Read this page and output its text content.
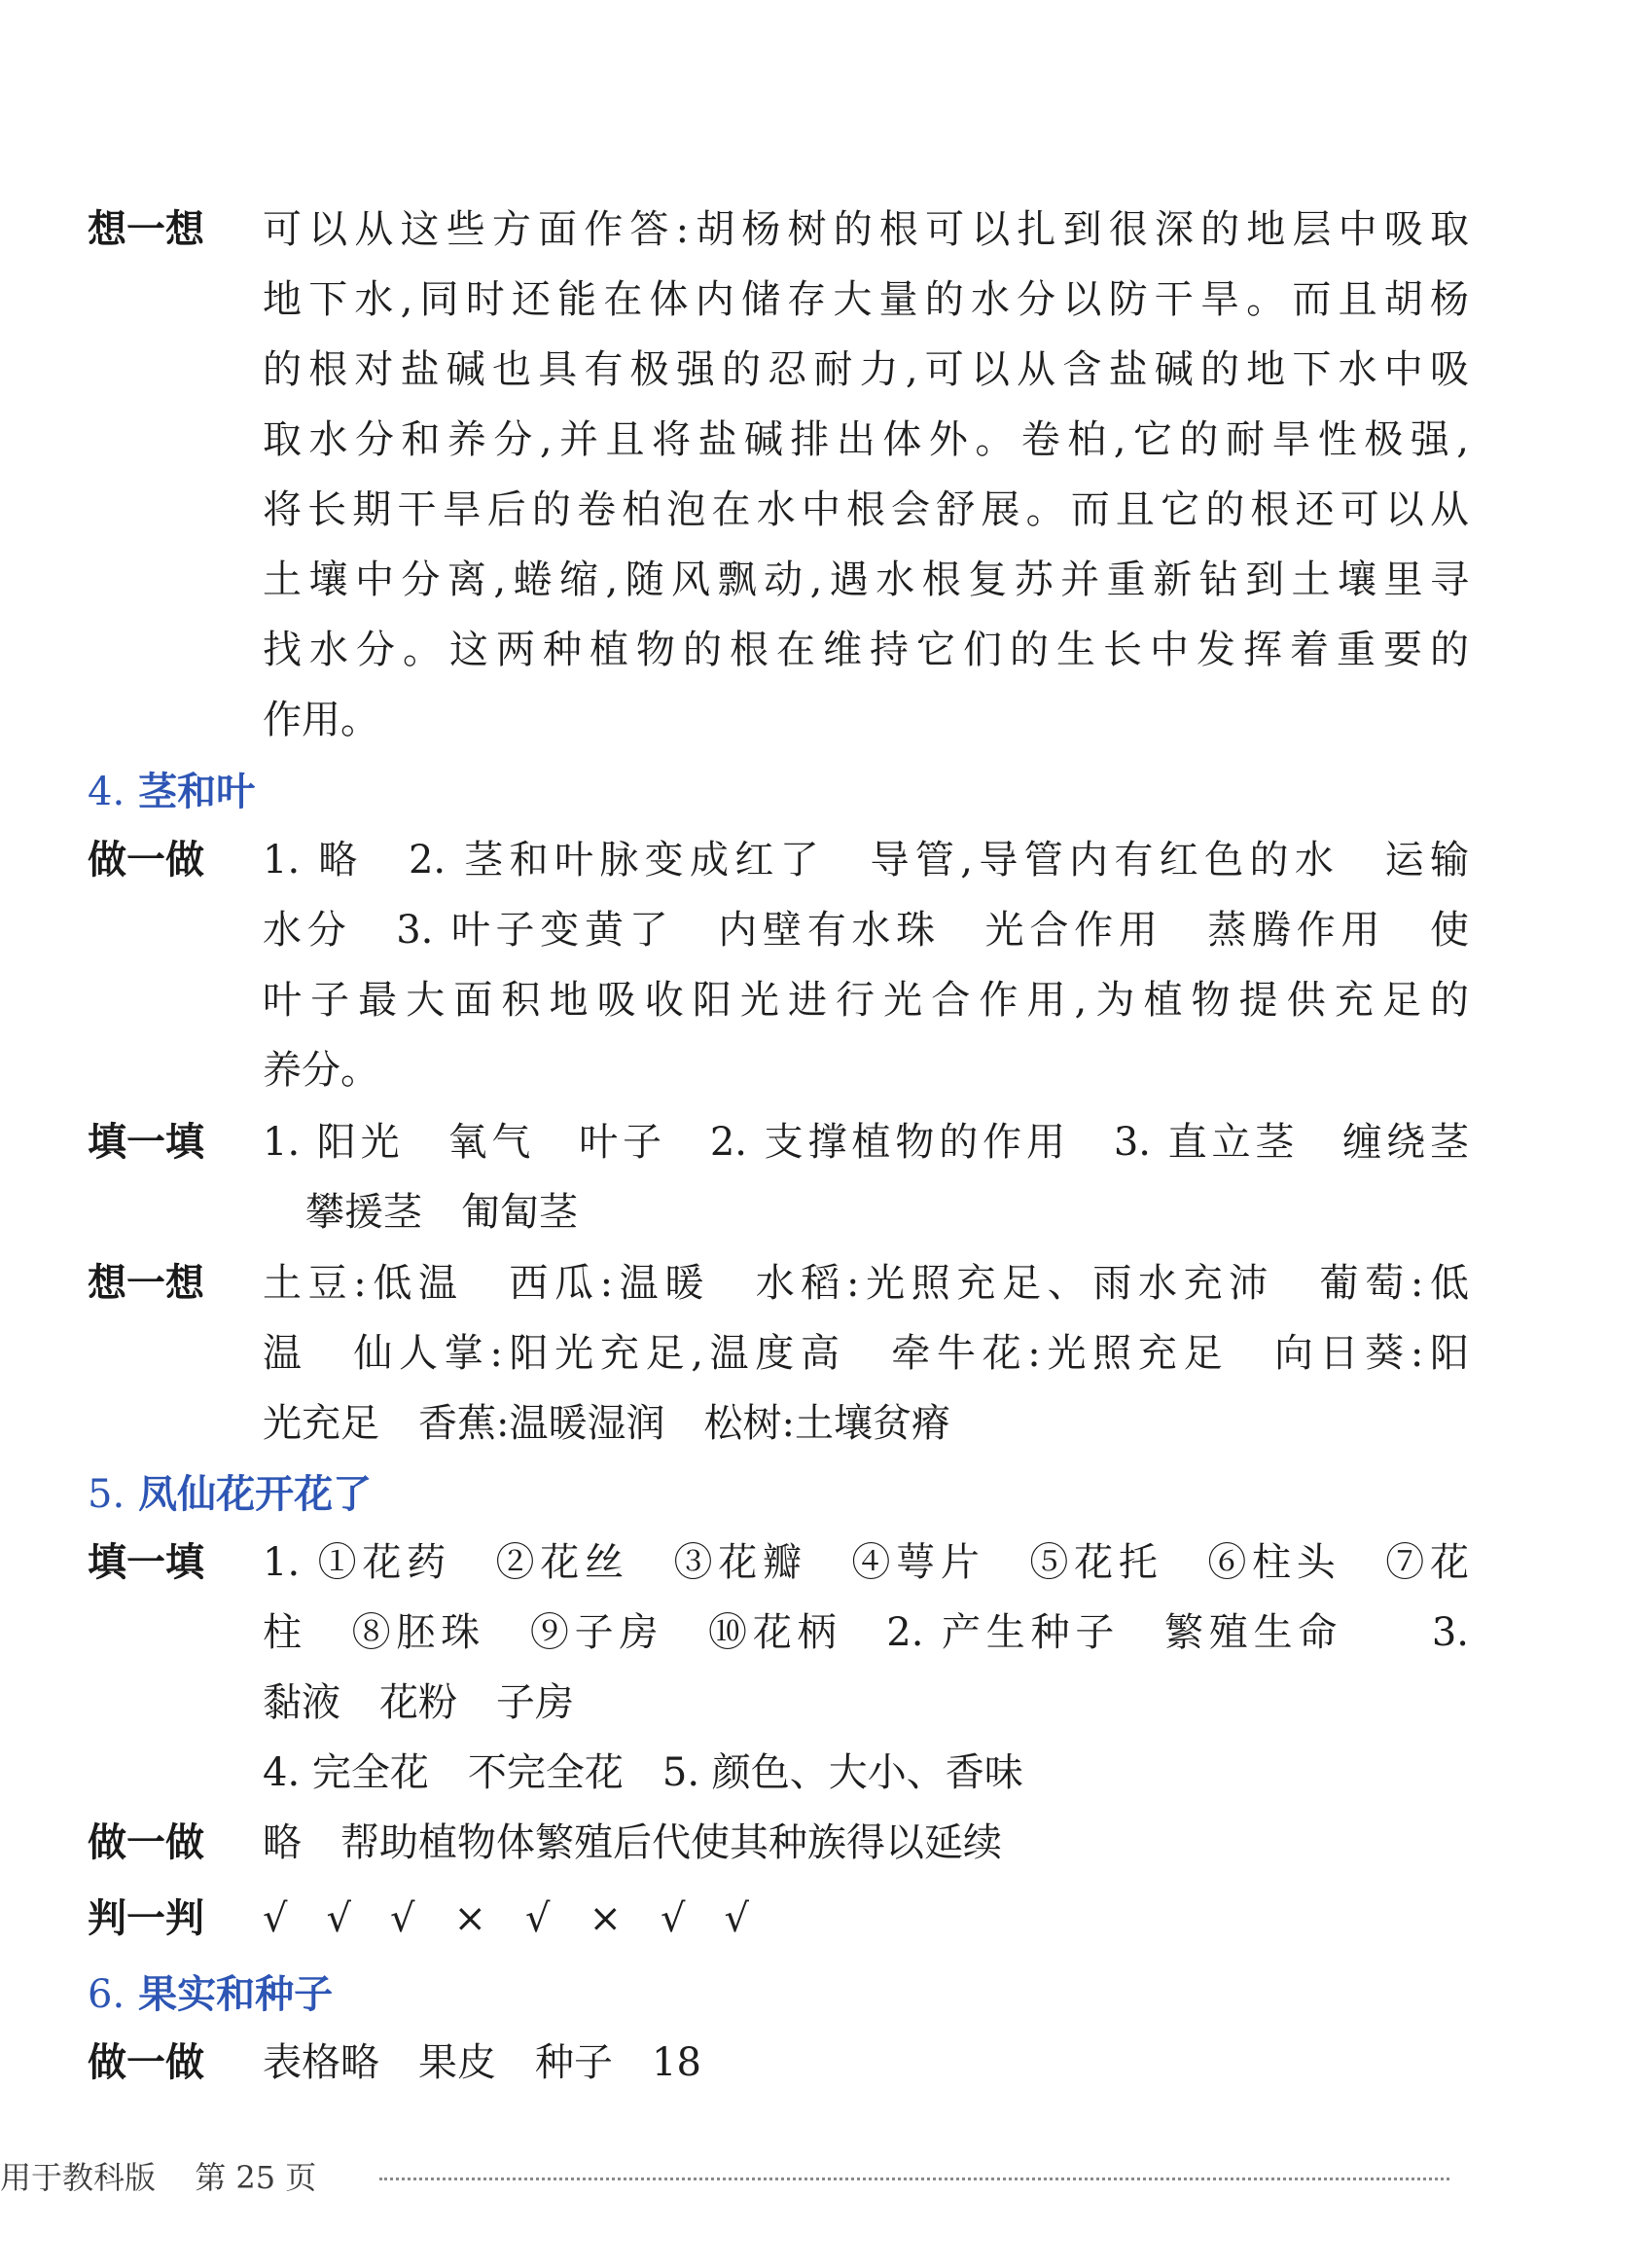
想一想	可以从这些方面作答:胡杨树的根可以扎到很深的地层中吸取
地下水,同时还能在体内储存大量的水分以防干旱。而且胡杨
的根对盐碱也具有极强的忍耐力,可以从含盐碱的地下水中吸
取水分和养分,并且将盐碱排出体外。卷柏,它的耐旱性极强,
将长期干旱后的卷柏泡在水中根会舒展。而且它的根还可以从
土壤中分离,蜷缩,随风飘动,遇水根复苏并重新钻到土壤里寻
找水分。这两种植物的根在维持它们的生长中发挥着重要的
作用。
4. 茎和叶
做一做	1. 略　2. 茎和叶脉变成红了　导管,导管内有红色的水　运输
水分　3. 叶子变黄了　内壁有水珠　光合作用　蒸腾作用　使
叶子最大面积地吸收阳光进行光合作用,为植物提供充足的
养分。
填一填	1. 阳光　氧气　叶子　2. 支撑植物的作用　3. 直立茎　缠绕茎
攀援茎　匍匐茎
想一想	土豆:低温　西瓜:温暖　水稻:光照充足、雨水充沛　葡萄:低
温　仙人掌:阳光充足,温度高　牵牛花:光照充足　向日葵:阳
光充足　香蕉:温暖湿润　松树:土壤贫瘠
5. 凤仙花开花了
填一填	1. ①花药　②花丝　③花瓣　④萼片　⑤花托　⑥柱头　⑦花
柱　⑧胚珠　⑨子房　⑩花柄　2. 产生种子　繁殖生命　　3.
黏液　花粉　子房
4. 完全花　不完全花　5. 颜色、大小、香味
做一做	略　帮助植物体繁殖后代使其种族得以延续
判一判	√　√　√　×　√　×　√　√
6. 果实和种子
做一做	表格略　果皮　种子　18
用于教科版 第 25 页
